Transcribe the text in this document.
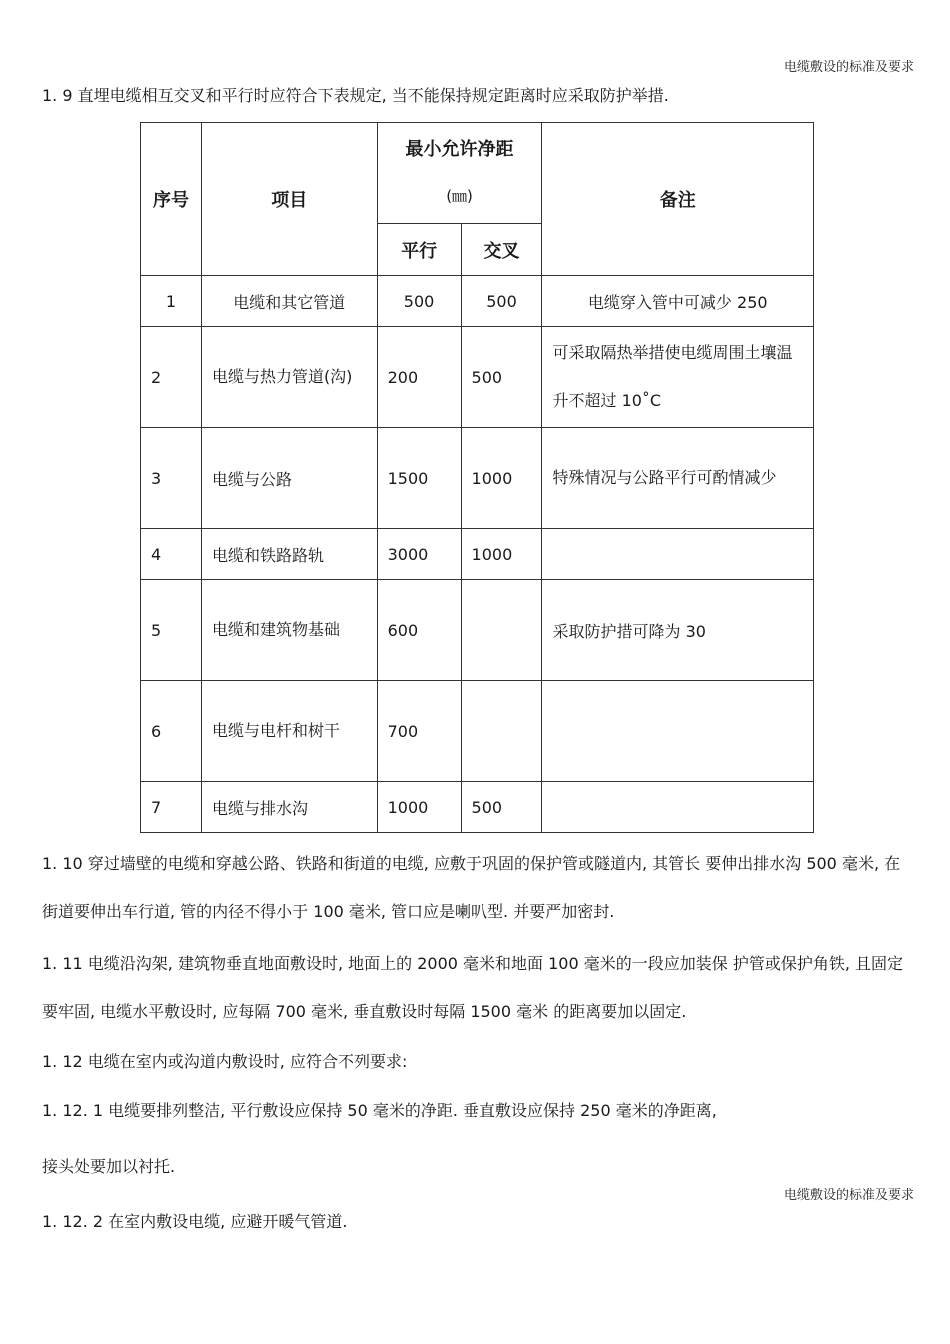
电缆敷设的标准及要求

1. 9 直埋电缆相互交叉和平行时应符合下表规定, 当不能保持规定距离时应采取防护举措.

序号	项目	最小允许净距
(㎜)		备注
		平行	交叉	
1	电缆和其它管道	500	500	电缆穿入管中可减少 250
2	电缆与热力管道(沟)	200	500	可采取隔热举措使电缆周围土壤温升不超过 10˚C
3	电缆与公路	1500	1000	特殊情况与公路平行可酌情减少
4	电缆和铁路路轨	3000	1000	
5	电缆和建筑物基础	600		采取防护措可降为 30
6	电缆与电杆和树干	700		
7	电缆与排水沟	1000	500	

1. 10 穿过墙壁的电缆和穿越公路、铁路和街道的电缆, 应敷于巩固的保护管或隧道内, 其管长 要伸出排水沟 500 毫米, 在街道要伸出车行道, 管的内径不得小于 100 毫米, 管口应是喇叭型. 并要严加密封.

1. 11 电缆沿沟架, 建筑物垂直地面敷设时, 地面上的 2000 毫米和地面 100 毫米的一段应加装保 护管或保护角铁, 且固定要牢固, 电缆水平敷设时, 应每隔 700 毫米, 垂直敷设时每隔 1500 毫米 的距离要加以固定.

1. 12 电缆在室内或沟道内敷设时, 应符合不列要求:

1. 12. 1 电缆要排列整洁, 平行敷设应保持 50 毫米的净距. 垂直敷设应保持 250 毫米的净距离,

接头处要加以衬托.

电缆敷设的标准及要求

1. 12. 2 在室内敷设电缆, 应避开暖气管道.
